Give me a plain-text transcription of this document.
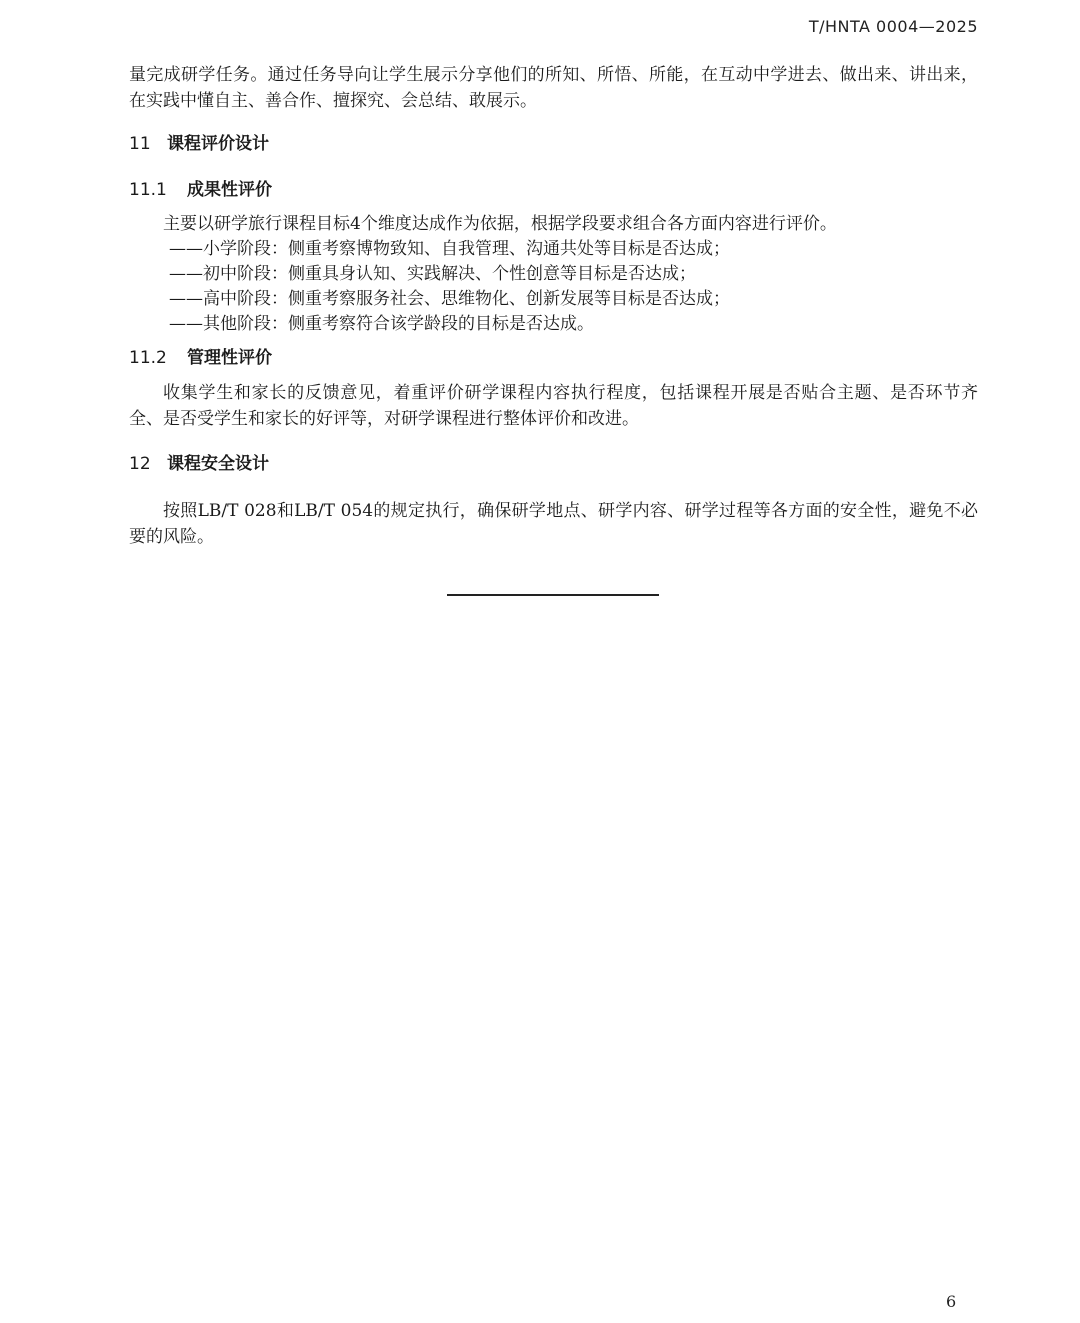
T/HNTA 0004—2025

量完成研学任务。通过任务导向让学生展示分享他们的所知、所悟、所能，在互动中学进去、做出来、讲出来，在实践中懂自主、善合作、擅探究、会总结、敢展示。

11 课程评价设计
11.1	成果性评价

主要以研学旅行课程目标4个维度达成作为依据，根据学段要求组合各方面内容进行评价。

——小学阶段：侧重考察博物致知、自我管理、沟通共处等目标是否达成；

——初中阶段：侧重具身认知、实践解决、个性创意等目标是否达成；

——高中阶段：侧重考察服务社会、思维物化、创新发展等目标是否达成；

——其他阶段：侧重考察符合该学龄段的目标是否达成。

11.2	管理性评价

收集学生和家长的反馈意见，着重评价研学课程内容执行程度，包括课程开展是否贴合主题、是否环节齐全、是否受学生和家长的好评等，对研学课程进行整体评价和改进。

12 课程安全设计

按照LB/T 028和LB/T 054的规定执行，确保研学地点、研学内容、研学过程等各方面的安全性，避免不必要的风险。

6
